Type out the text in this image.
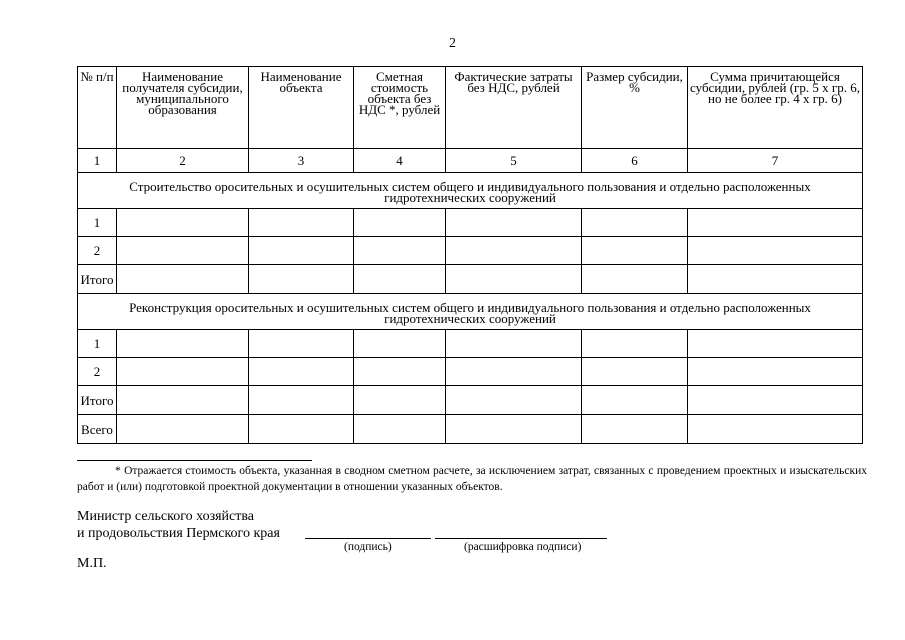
2
№ п/п	Наименование получателя субсидии, муниципального образования	Наименование объекта	Сметная стоимость объекта без НДС *, рублей	Фактические затраты без НДС, рублей	Размер субсидии, %	Сумма причитающейся субсидии, рублей (гр. 5 х гр. 6, но не более гр. 4 х гр. 6)
1	2	3	4	5	6	7
Строительство оросительных и осушительных систем общего и индивидуального пользования и отдельно расположенных гидротехнических сооружений						
1						
2						
Итого						
Реконструкция оросительных и осушительных систем общего и индивидуального пользования и отдельно расположенных гидротехнических сооружений						
1						
2						
Итого						
Всего						
* Отражается стоимость объекта, указанная в сводном сметном расчете, за исключением затрат, связанных с проведением проектных и изыскательских работ и (или) подготовкой проектной документации в отношении указанных объектов.
Министр сельского хозяйства
и продовольствия Пермского края
(подпись)	(расшифровка подписи)
М.П.
